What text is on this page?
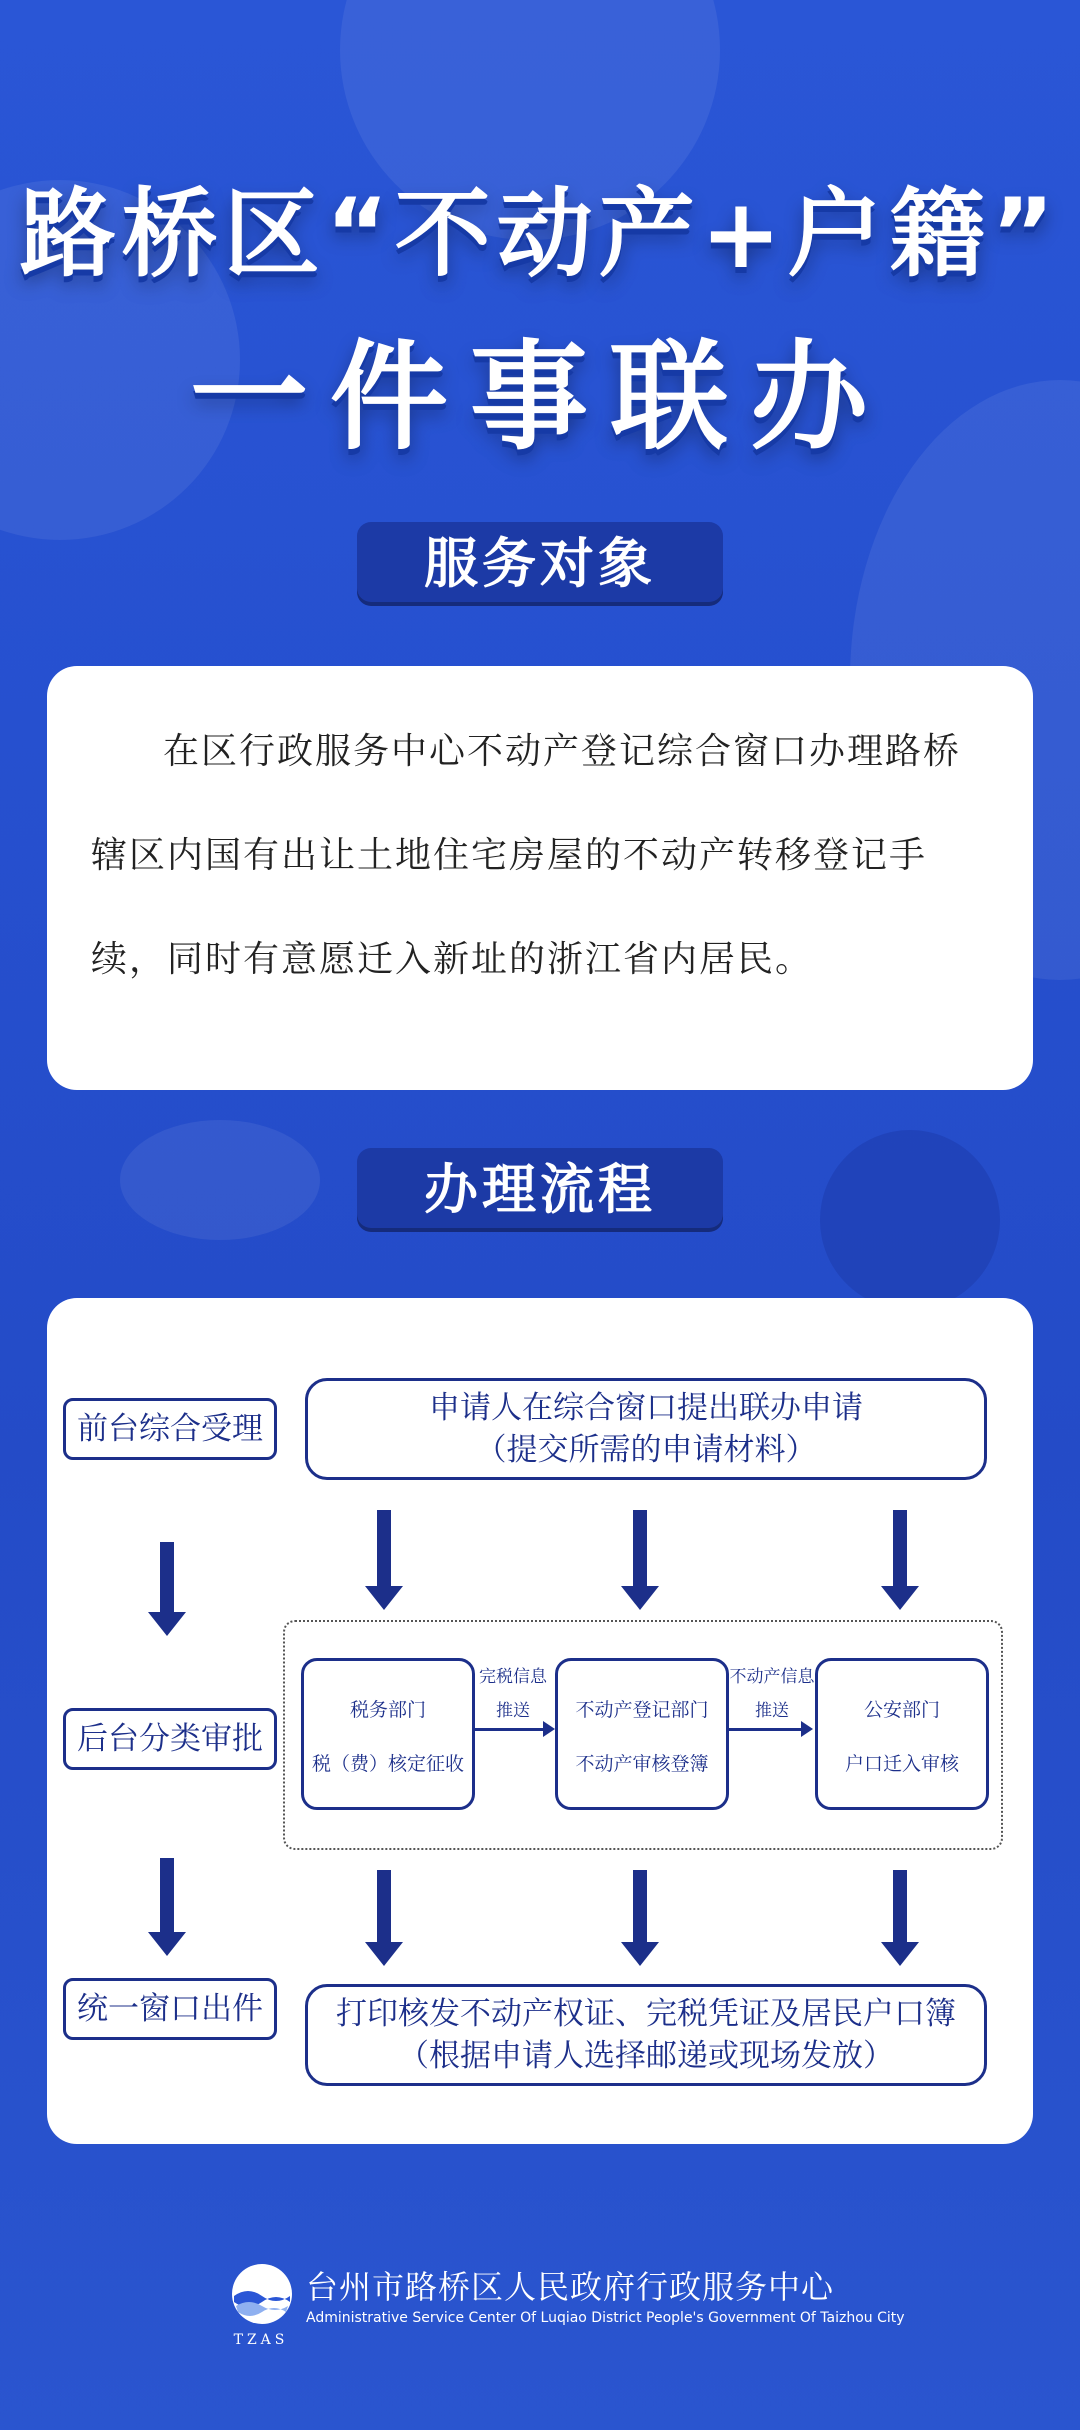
路桥区“不动产+户籍”
一件事联办
服务对象

在区行政服务中心不动产登记综合窗口办理路桥辖区内国有出让土地住宅房屋的不动产转移登记手续，同时有意愿迁入新址的浙江省内居民。

办理流程
前台综合受理
后台分类审批
统一窗口出件
申请人在综合窗口提出联办申请
（提交所需的申请材料）
税务部门
税（费）核定征收
不动产登记部门
不动产审核登簿
公安部门
户口迁入审核
完税信息
推送
不动产信息
推送
打印核发不动产权证、完税凭证及居民户口簿
（根据申请人选择邮递或现场发放）
TZAS
台州市路桥区人民政府行政服务中心
Administrative Service Center Of Luqiao District People's Government Of Taizhou City
